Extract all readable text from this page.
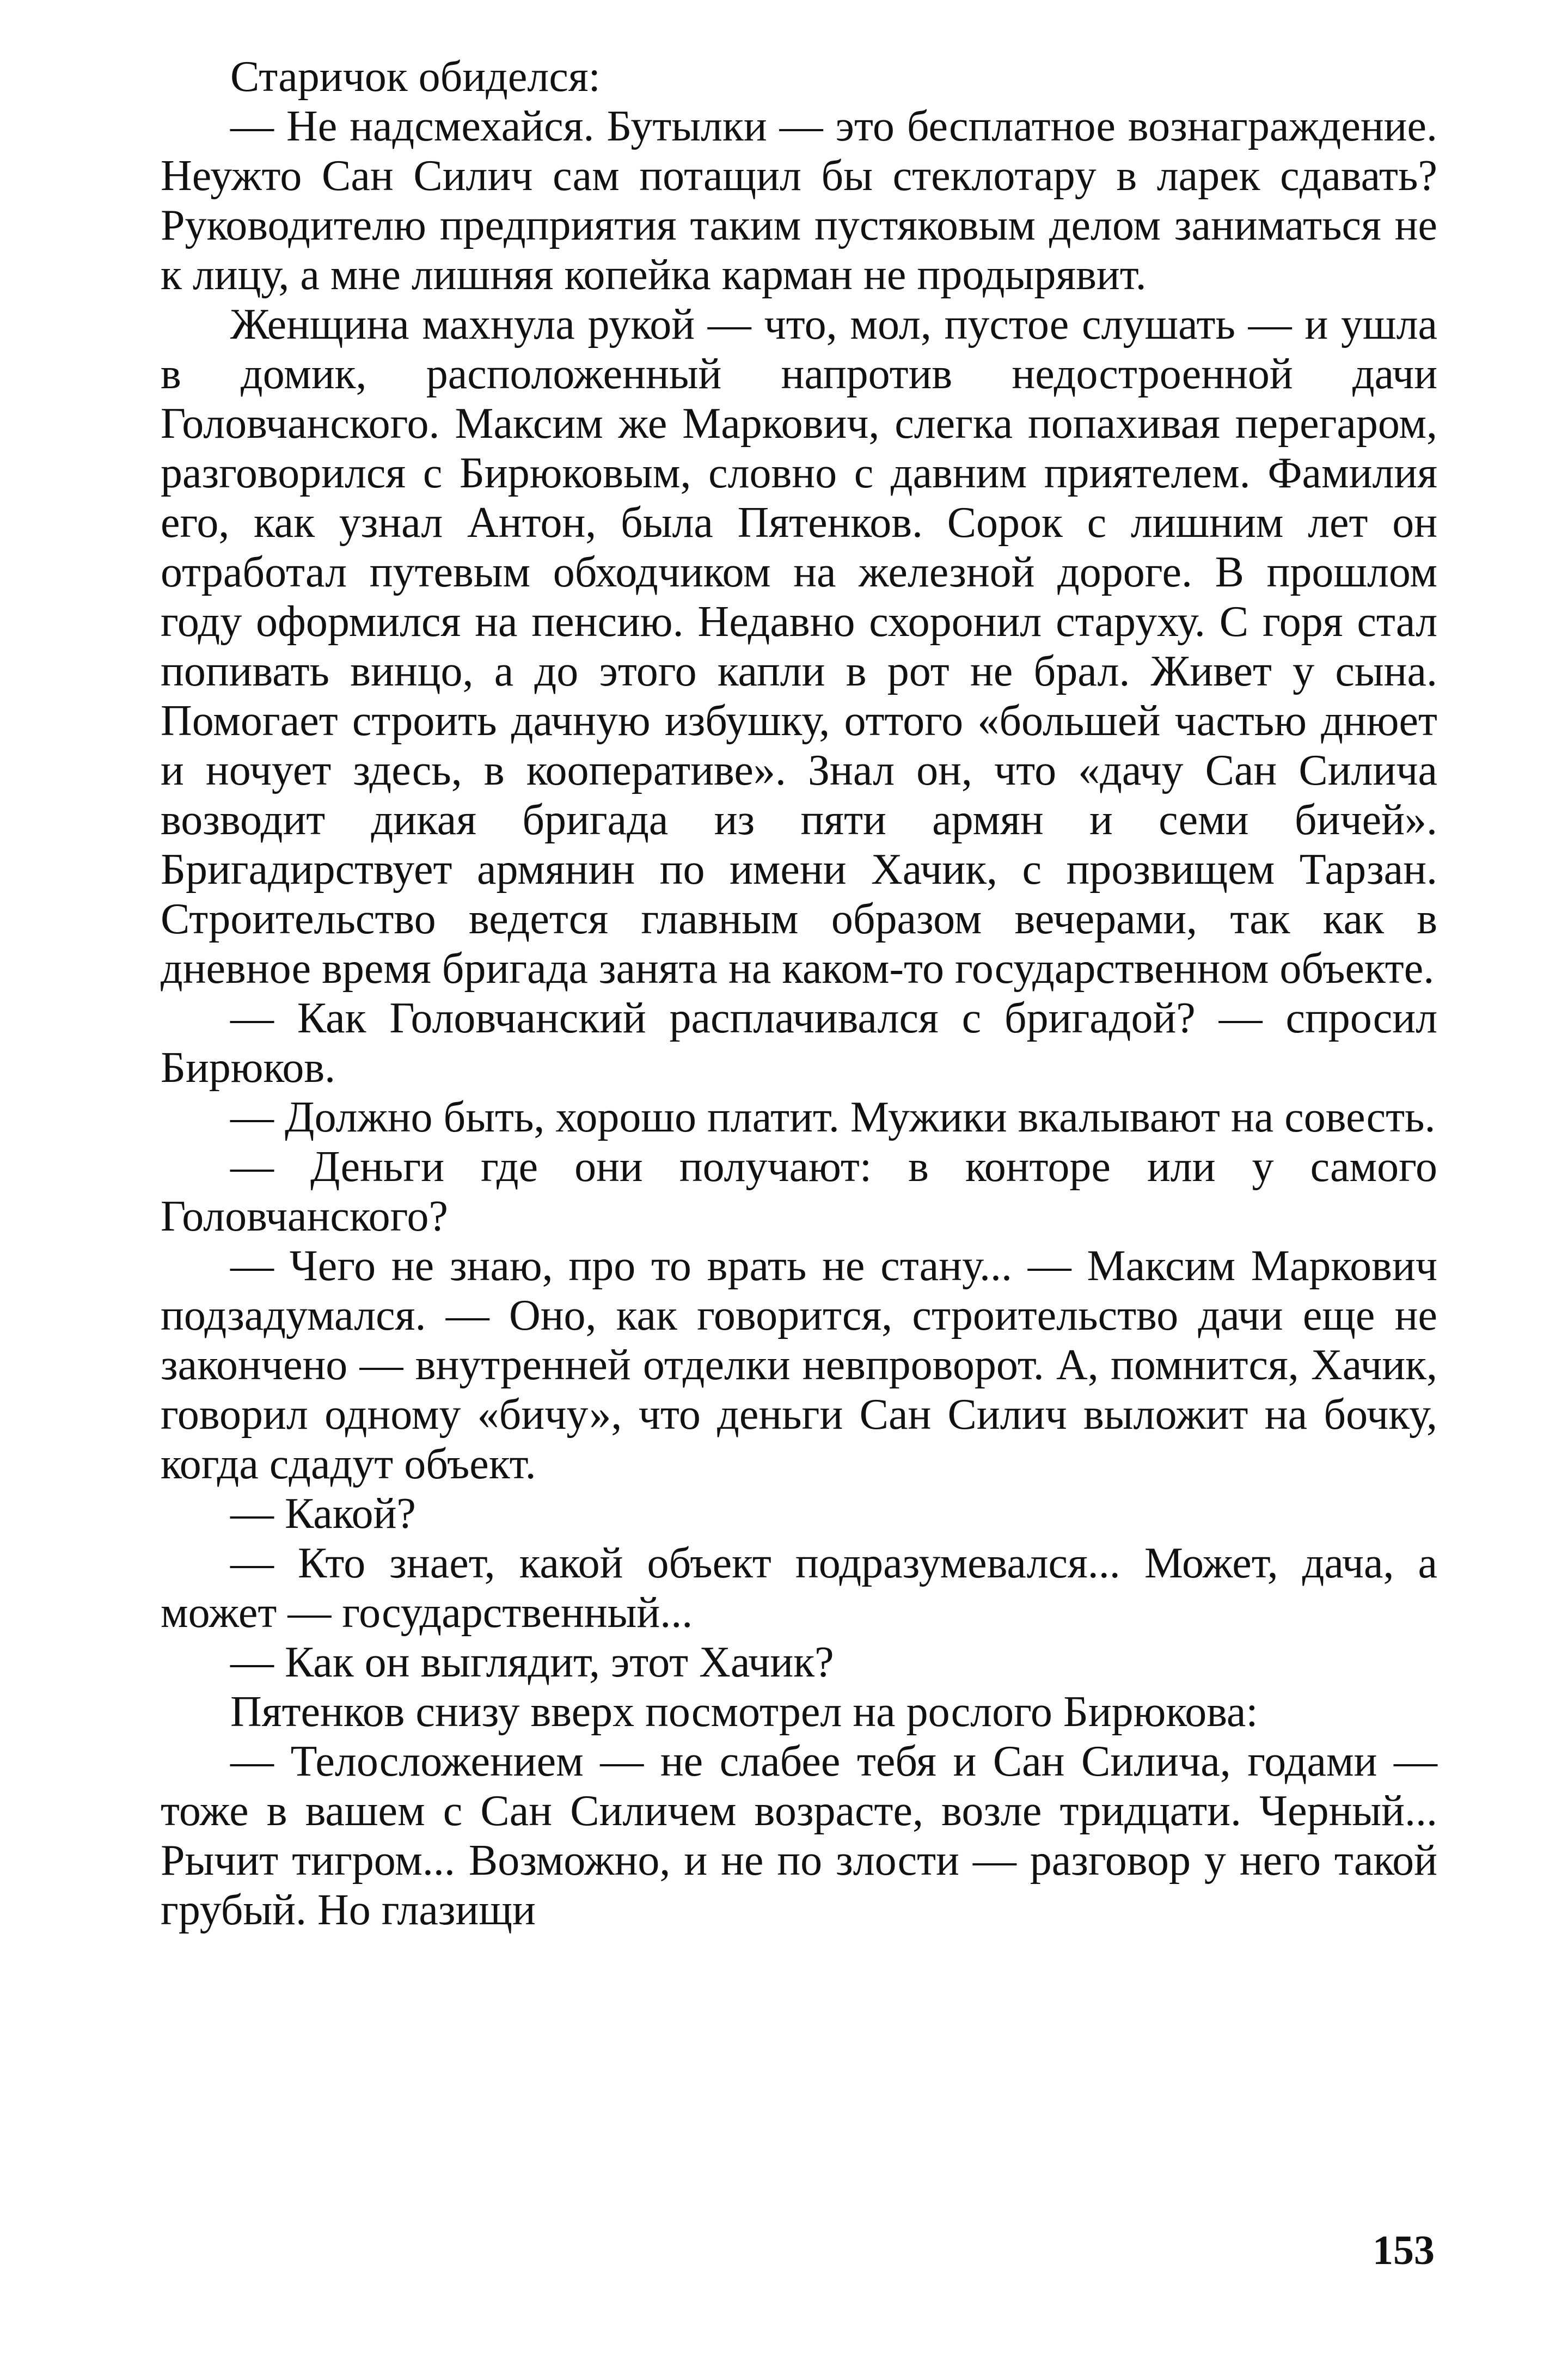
Старичок обиделся:

— Не надсмехайся. Бутылки — это бесплатное вознаграждение. Неужто Сан Силич сам потащил бы стеклотару в ларек сдавать? Руководителю предприятия таким пустяковым делом заниматься не к лицу, а мне лишняя копейка карман не продырявит.

Женщина махнула рукой — что, мол, пустое слушать — и ушла в домик, расположенный напротив недостроенной дачи Головчанского. Максим же Маркович, слегка попахивая перегаром, разговорился с Бирюковым, словно с давним приятелем. Фамилия его, как узнал Антон, была Пятенков. Сорок с лишним лет он отработал путевым обходчиком на железной дороге. В прошлом году оформился на пенсию. Недавно схоронил старуху. С горя стал попивать винцо, а до этого капли в рот не брал. Живет у сына. Помогает строить дачную избушку, оттого «большей частью днюет и ночует здесь, в кооперативе». Знал он, что «дачу Сан Силича возводит дикая бригада из пяти армян и семи бичей». Бригадирствует армянин по имени Хачик, с прозвищем Тарзан. Строительство ведется главным образом вечерами, так как в дневное время бригада занята на каком-то государственном объекте.

— Как Головчанский расплачивался с бригадой? — спросил Бирюков.

— Должно быть, хорошо платит. Мужики вкалывают на совесть.

— Деньги где они получают: в конторе или у самого Головчанского?

— Чего не знаю, про то врать не стану... — Максим Маркович подзадумался. — Оно, как говорится, строительство дачи еще не закончено — внутренней отделки невпроворот. А, помнится, Хачик, говорил одному «бичу», что деньги Сан Силич выложит на бочку, когда сдадут объект.

— Какой?

— Кто знает, какой объект подразумевался... Может, дача, а может — государственный...

— Как он выглядит, этот Хачик?

Пятенков снизу вверх посмотрел на рослого Бирюкова:

— Телосложением — не слабее тебя и Сан Силича, годами — тоже в вашем с Сан Силичем возрасте, возле тридцати. Черный... Рычит тигром... Возможно, и не по злости — разговор у него такой грубый. Но глазищи

153
